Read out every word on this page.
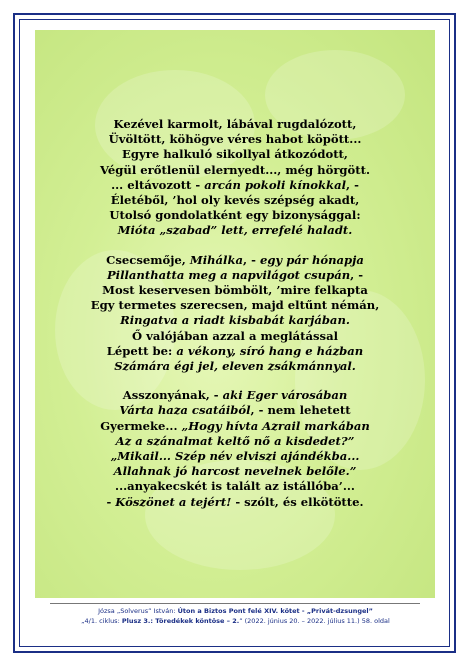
Kezével karmolt, lábával rugdalózott,
Üvöltött, köhögve véres habot köpött...
Egyre halkuló sikollyal átkozódott,
Végül erőtlenül elernyedt..., még hörgött.
... eltávozott - arcán pokoli kínokkal, -
Életéből, ’hol oly kevés szépség akadt,
Utolsó gondolatként egy bizonysággal:
Mióta „szabad” lett, errefelé haladt.
Csecsemője, Mihálka, - egy pár hónapja
Pillanthatta meg a napvilágot csupán, -
Most keservesen bömbölt, ’mire felkapta
Egy termetes szerecsen, majd eltűnt némán,
Ringatva a riadt kisbabát karjában.
Ő valójában azzal a meglátással
Lépett be: a vékony, síró hang e házban
Számára égi jel, eleven zsákmánnyal.
Asszonyának, - aki Eger városában
Várta haza csatáiból, - nem lehetett
Gyermeke... „Hogy hívta Azrail markában
Az a szánalmat keltő nő a kisdedet?”
„Mikail... Szép név elviszi ajándékba...
Allahnak jó harcost nevelnek belőle.”
...anyakecskét is talált az istállóba’...
- Köszönet a tejért! - szólt, és elkötötte.
Józsa „Solverus” István: Úton a Biztos Pont felé XIV. kötet - „Privát-dzsungel”
„4/1. ciklus: Plusz 3.: Töredékek köntöse – 2.” (2022. június 20. – 2022. július 11.) 58. oldal
